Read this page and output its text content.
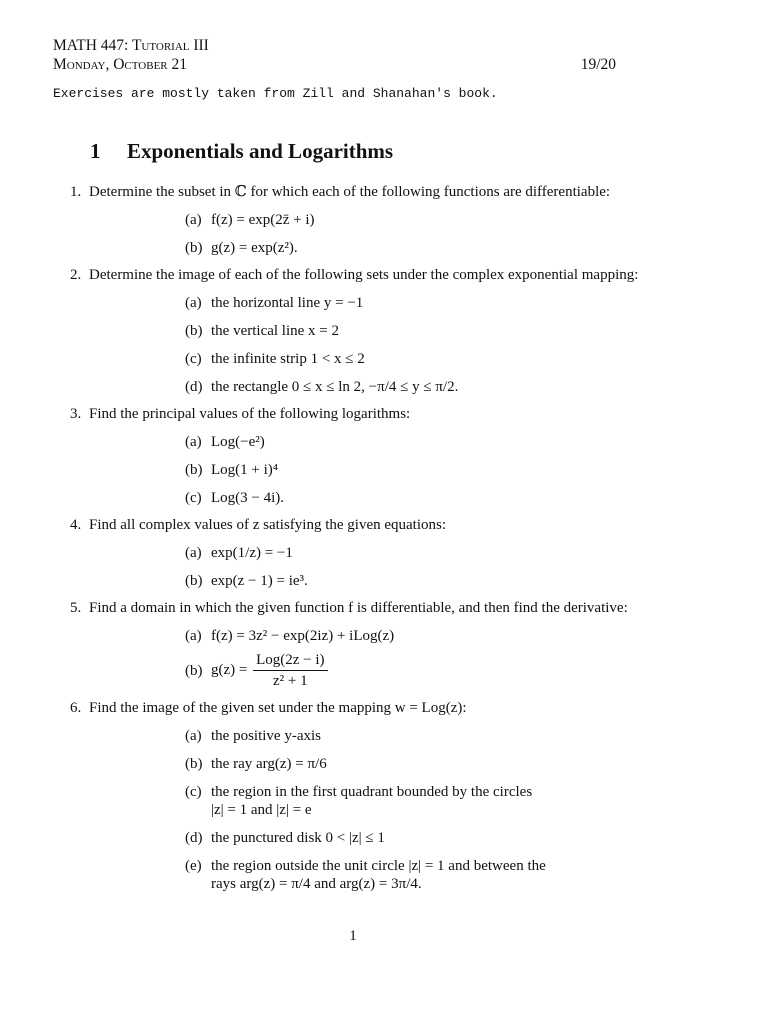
MATH 447: Tutorial III
Monday, October 21	19/20
Exercises are mostly taken from Zill and Shanahan's book.
1 Exponentials and Logarithms
1. Determine the subset in ℂ for which each of the following functions are differentiable:
(a) f(z) = exp(2z̄ + i)
(b) g(z) = exp(z²).
2. Determine the image of each of the following sets under the complex exponential mapping:
(a) the horizontal line y = −1
(b) the vertical line x = 2
(c) the infinite strip 1 < x ≤ 2
(d) the rectangle 0 ≤ x ≤ ln 2, −π/4 ≤ y ≤ π/2.
3. Find the principal values of the following logarithms:
(a) Log(−e²)
(b) Log(1 + i)⁴
(c) Log(3 − 4i).
4. Find all complex values of z satisfying the given equations:
(a) exp(1/z) = −1
(b) exp(z − 1) = ie³.
5. Find a domain in which the given function f is differentiable, and then find the derivative:
(a) f(z) = 3z² − exp(2iz) + iLog(z)
(b) $g(z) = \frac{\text{Log(2z − i)}}{\text{z² + 1}}$
6. Find the image of the given set under the mapping w = Log(z):
(a) the positive y-axis
(b) the ray arg(z) = π/6
(c) the region in the first quadrant bounded by the circles |z| = 1 and |z| = e
(d) the punctured disk 0 < |z| ≤ 1
(e) the region outside the unit circle |z| = 1 and between the rays arg(z) = π/4 and arg(z) = 3π/4.
1
